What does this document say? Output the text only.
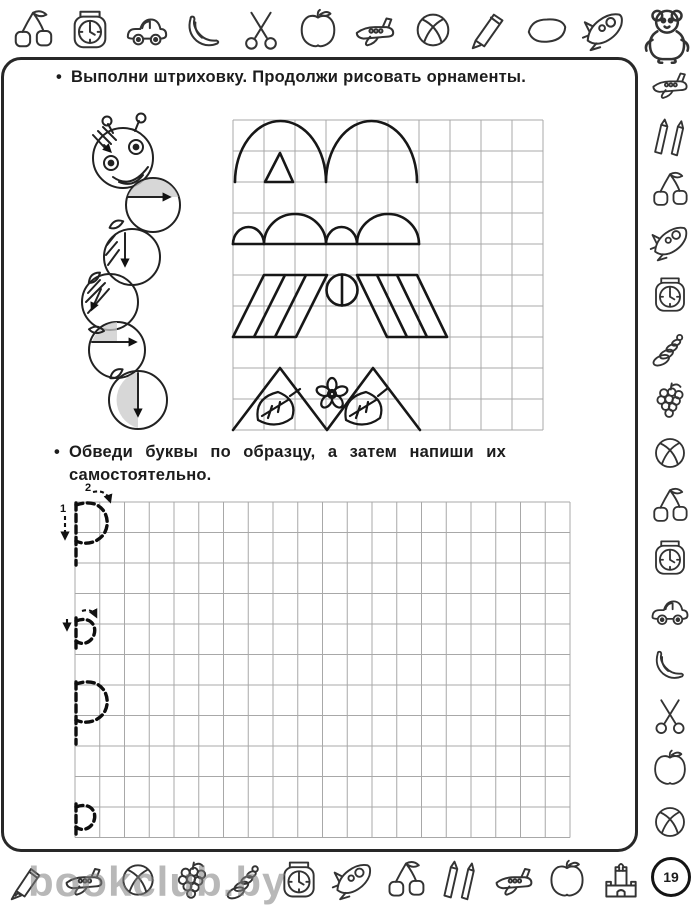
• Выполни штриховку. Продолжи рисовать орнаменты.
• Обведи буквы по образцу, а затем напиши их
самостоятельно.
1
2
bookclub.by	19
